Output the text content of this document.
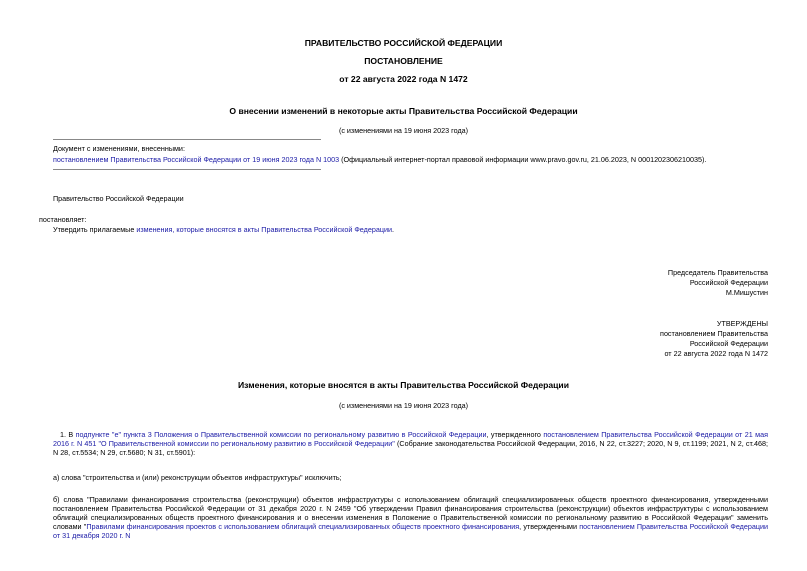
ПРАВИТЕЛЬСТВО РОССИЙСКОЙ ФЕДЕРАЦИИ
ПОСТАНОВЛЕНИЕ
от 22 августа 2022 года N 1472
О внесении изменений в некоторые акты Правительства Российской Федерации
(с изменениями на 19 июня 2023 года)
Документ с изменениями, внесенными:
постановлением Правительства Российской Федерации от 19 июня 2023 года N 1003 (Официальный интернет-портал правовой информации www.pravo.gov.ru, 21.06.2023, N 0001202306210035).
Правительство Российской Федерации
постановляет:
Утвердить прилагаемые изменения, которые вносятся в акты Правительства Российской Федерации.
Председатель Правительства
Российской Федерации
М.Мишустин
УТВЕРЖДЕНЫ
постановлением Правительства
Российской Федерации
от 22 августа 2022 года N 1472
Изменения, которые вносятся в акты Правительства Российской Федерации
(с изменениями на 19 июня 2023 года)
1. В подпункте "е" пункта 3 Положения о Правительственной комиссии по региональному развитию в Российской Федерации, утвержденного постановлением Правительства Российской Федерации от 21 мая 2016 г. N 451 "О Правительственной комиссии по региональному развитию в Российской Федерации" (Собрание законодательства Российской Федерации, 2016, N 22, ст.3227; 2020, N 9, ст.1199; 2021, N 2, ст.468; N 28, ст.5534; N 29, ст.5680; N 31, ст.5901):
а) слова "строительства и (или) реконструкции объектов инфраструктуры" исключить;
б) слова "Правилами финансирования строительства (реконструкции) объектов инфраструктуры с использованием облигаций специализированных обществ проектного финансирования, утвержденными постановлением Правительства Российской Федерации от 31 декабря 2020 г. N 2459 "Об утверждении Правил финансирования строительства (реконструкции) объектов инфраструктуры с использованием облигаций специализированных обществ проектного финансирования и о внесении изменения в Положение о Правительственной комиссии по региональному развитию в Российской Федерации" заменить словами "Правилами финансирования проектов с использованием облигаций специализированных обществ проектного финансирования, утвержденными постановлением Правительства Российской Федерации от 31 декабря 2020 г. N
